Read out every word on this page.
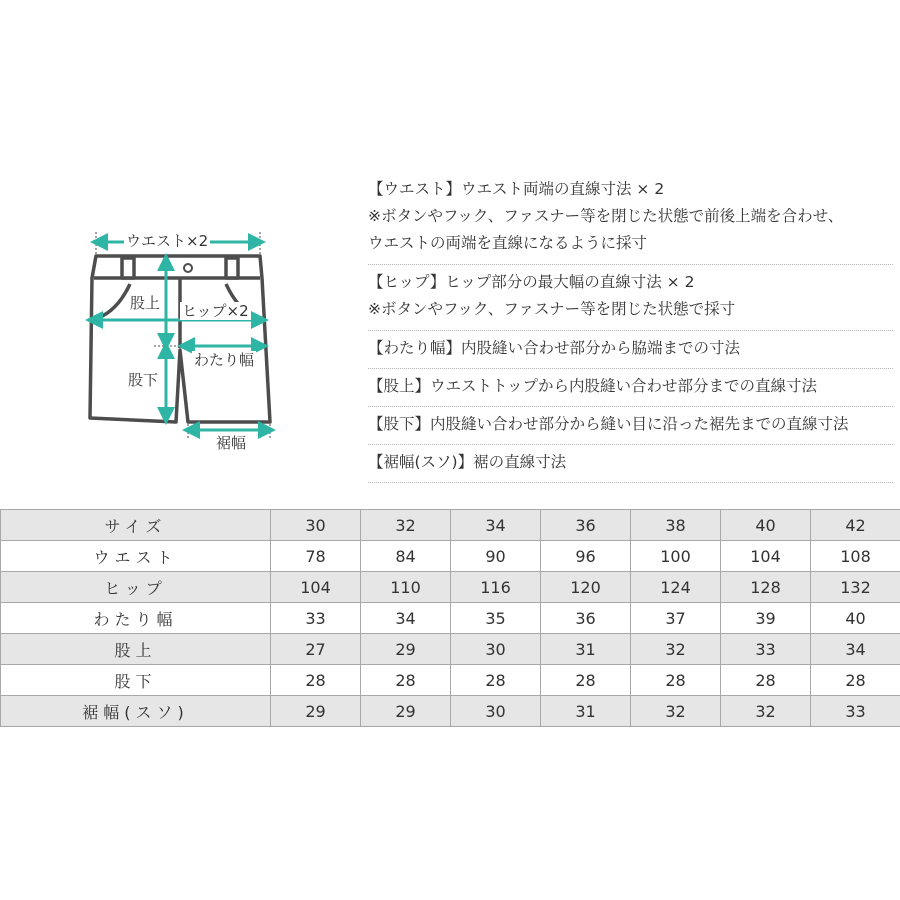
ウエスト×2
股上 ヒップ×2
わたり幅
股下
裾幅

【ウエスト】ウエスト両端の直線寸法 × 2

※ボタンやフック、ファスナー等を閉じた状態で前後上端を合わせ、

ウエストの両端を直線になるように採寸

【ヒップ】ヒップ部分の最大幅の直線寸法 × 2

※ボタンやフック、ファスナー等を閉じた状態で採寸

【わたり幅】内股縫い合わせ部分から脇端までの寸法

【股上】ウエストトップから内股縫い合わせ部分までの直線寸法

【股下】内股縫い合わせ部分から縫い目に沿った裾先までの直線寸法

【裾幅(スソ)】裾の直線寸法

サイズ	30	32	34	36	38	40	42
ウエスト	78	84	90	96	100	104	108
ヒップ	104	110	116	120	124	128	132
わたり幅	33	34	35	36	37	39	40
股上	27	29	30	31	32	33	34
股下	28	28	28	28	28	28	28
裾幅(スソ)	29	29	30	31	32	32	33
